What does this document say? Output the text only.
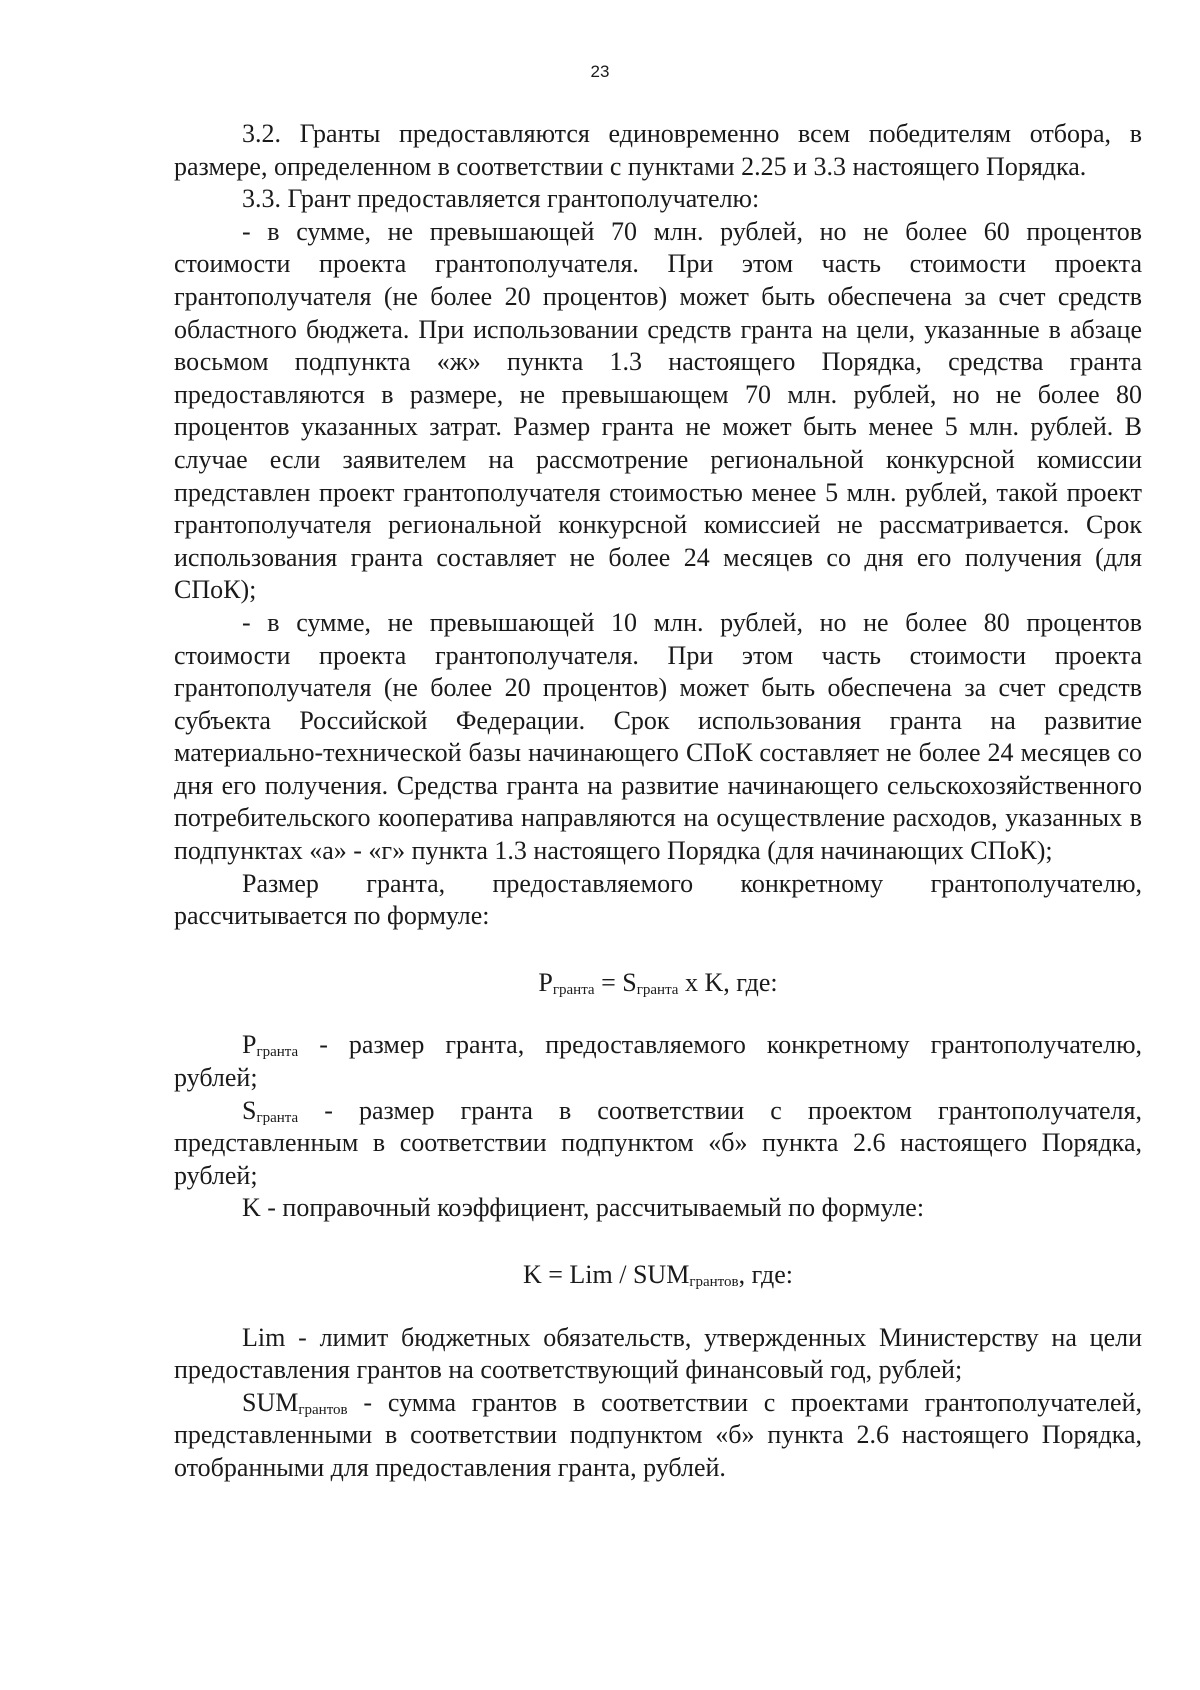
23

3.2. Гранты предоставляются единовременно всем победителям отбора, в размере, определенном в соответствии с пунктами 2.25 и 3.3 настоящего Порядка.

3.3. Грант предоставляется грантополучателю:

- в сумме, не превышающей 70 млн. рублей, но не более 60 процентов стоимости проекта грантополучателя. При этом часть стоимости проекта грантополучателя (не более 20 процентов) может быть обеспечена за счет средств областного бюджета. При использовании средств гранта на цели, указанные в абзаце восьмом подпункта «ж» пункта 1.3 настоящего Порядка, средства гранта предоставляются в размере, не превышающем 70 млн. рублей, но не более 80 процентов указанных затрат. Размер гранта не может быть менее 5 млн. рублей. В случае если заявителем на рассмотрение региональной конкурсной комиссии представлен проект грантополучателя стоимостью менее 5 млн. рублей, такой проект грантополучателя региональной конкурсной комиссией не рассматривается. Срок использования гранта составляет не более 24 месяцев со дня его получения (для СПоК);

- в сумме, не превышающей 10 млн. рублей, но не более 80 процентов стоимости проекта грантополучателя. При этом часть стоимости проекта грантополучателя (не более 20 процентов) может быть обеспечена за счет средств субъекта Российской Федерации. Срок использования гранта на развитие материально-технической базы начинающего СПоК составляет не более 24 месяцев со дня его получения. Средства гранта на развитие начинающего сельскохозяйственного потребительского кооператива направляются на осуществление расходов, указанных в подпунктах «а» - «г» пункта 1.3 настоящего Порядка (для начинающих СПоК);

Размер гранта, предоставляемого конкретному грантополучателю, рассчитывается по формуле:

$P_{гранта} = S_{гранта}$ x K, где:

$P_{гранта}$ - размер гранта, предоставляемого конкретному грантополучателю, рублей;

$S_{гранта}$ - размер гранта в соответствии с проектом грантополучателя, представленным в соответствии подпунктом «б» пункта 2.6 настоящего Порядка, рублей;

K - поправочный коэффициент, рассчитываемый по формуле:

K = Lim / $SUM_{грантов}$, где:

Lim - лимит бюджетных обязательств, утвержденных Министерству на цели предоставления грантов на соответствующий финансовый год, рублей;

$SUM_{грантов}$ - сумма грантов в соответствии с проектами грантополучателей, представленными в соответствии подпунктом «б» пункта 2.6 настоящего Порядка, отобранными для предоставления гранта, рублей.
